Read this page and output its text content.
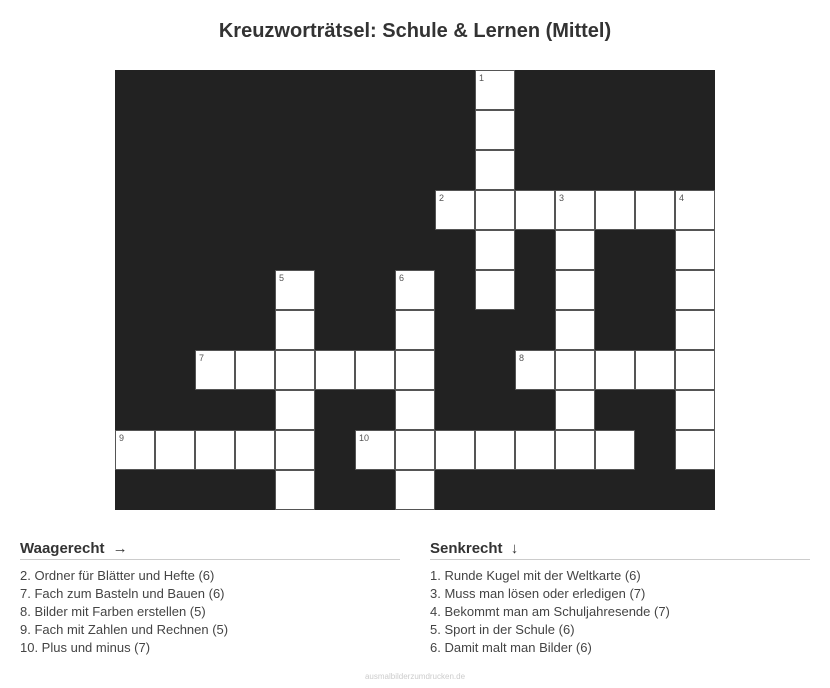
Kreuzworträtsel: Schule & Lernen (Mittel)
1
2	3	4
5	6
7	8
9	10
Waagerecht →
2. Ordner für Blätter und Hefte (6)
7. Fach zum Basteln und Bauen (6)
8. Bilder mit Farben erstellen (5)
9. Fach mit Zahlen und Rechnen (5)
10. Plus und minus (7)
Senkrecht ↓
1. Runde Kugel mit der Weltkarte (6)
3. Muss man lösen oder erledigen (7)
4. Bekommt man am Schuljahresende (7)
5. Sport in der Schule (6)
6. Damit malt man Bilder (6)
ausmalbilderzumdrucken.de
